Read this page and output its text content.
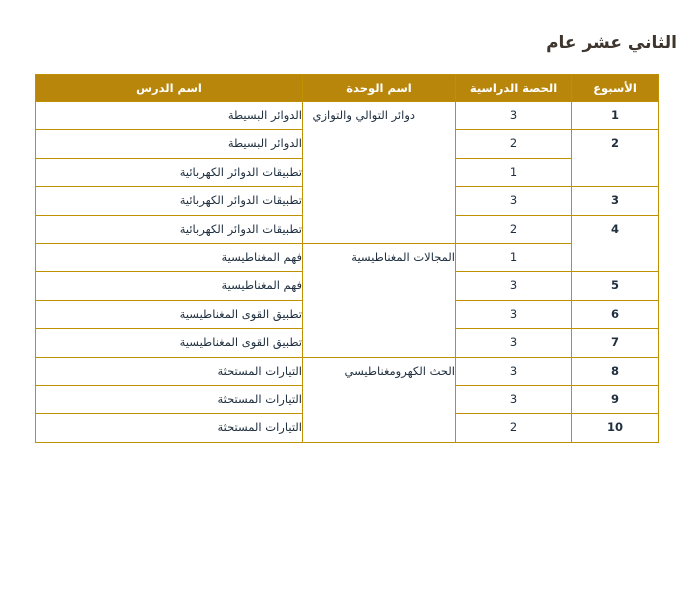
الثاني عشر عام
الأسبوع	الحصة الدراسية	اسم الوحدة	اسم الدرس
1	3	دوائر التوالي والتوازي	الدوائر البسيطة
2	2		الدوائر البسيطة
	1		تطبيقات الدوائر الكهربائية
3	3		تطبيقات الدوائر الكهربائية
4	2		تطبيقات الدوائر الكهربائية
	1	المجالات المغناطيسية	فهم المغناطيسية
5	3		فهم المغناطيسية
6	3		تطبيق القوى المغناطيسية
7	3		تطبيق القوى المغناطيسية
8	3	الحث الكهرومغناطيسي	التيارات المستحثة
9	3		التيارات المستحثة
10	2		التيارات المستحثة
